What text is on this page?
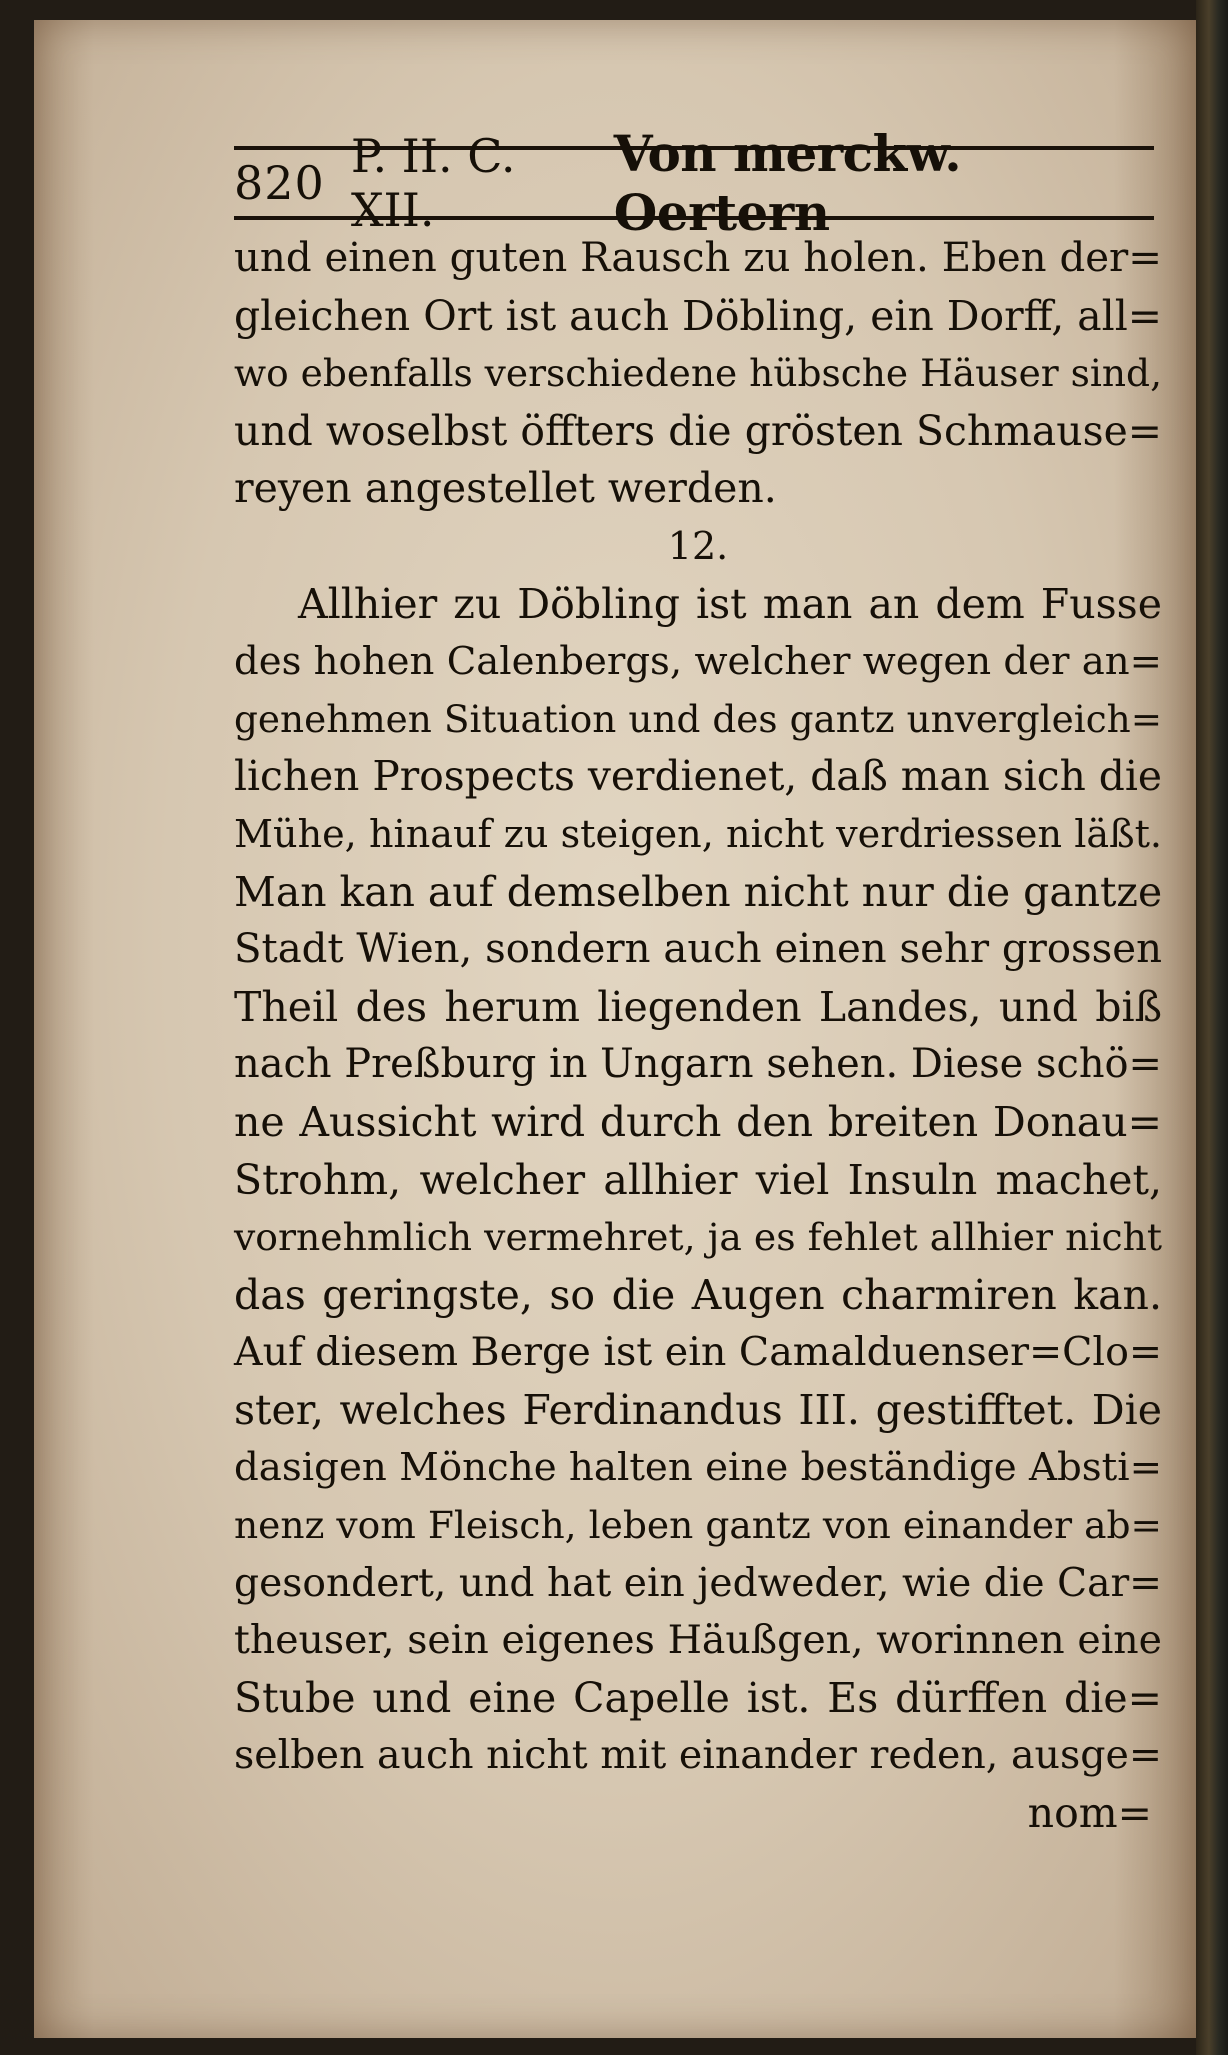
820 P. II. C. XII.
Von merckw. Oertern
und einen guten Rausch zu holen. Eben der=
gleichen Ort ist auch Döbling, ein Dorff, all=
wo ebenfalls verschiedene hübsche Häuser sind,
und woselbst öffters die grösten Schmause=
reyen angestellet werden.
12.
Allhier zu Döbling ist man an dem Fusse
des hohen Calenbergs, welcher wegen der an=
genehmen Situation und des gantz unvergleich=
lichen Prospects verdienet, daß man sich die
Mühe, hinauf zu steigen, nicht verdriessen läßt.
Man kan auf demselben nicht nur die gantze
Stadt Wien, sondern auch einen sehr grossen
Theil des herum liegenden Landes, und biß
nach Preßburg in Ungarn sehen. Diese schö=
ne Aussicht wird durch den breiten Donau=
Strohm, welcher allhier viel Insuln machet,
vornehmlich vermehret, ja es fehlet allhier nicht
das geringste, so die Augen charmiren kan.
Auf diesem Berge ist ein Camalduenser=Clo=
ster, welches Ferdinandus III. gestifftet. Die
dasigen Mönche halten eine beständige Absti=
nenz vom Fleisch, leben gantz von einander ab=
gesondert, und hat ein jedweder, wie die Car=
theuser, sein eigenes Häußgen, worinnen eine
Stube und eine Capelle ist. Es dürffen die=
selben auch nicht mit einander reden, ausge=
nom=
